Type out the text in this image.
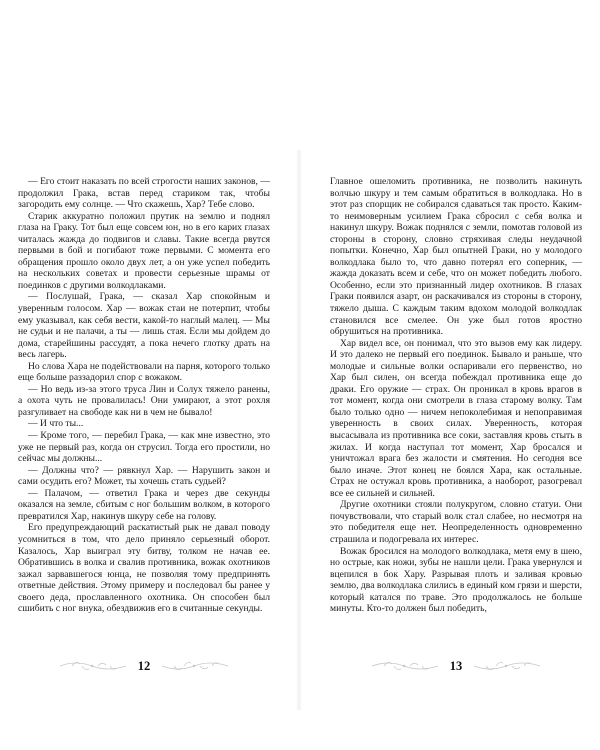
— Его стоит наказать по всей строгости наших законов, — продолжил Грака, встав перед стариком так, чтобы загородить ему солнце. — Что скажешь, Хар? Тебе слово.

Старик аккуратно положил прутик на землю и поднял глаза на Граку. Тот был еще совсем юн, но в его карих глазах читалась жажда до подвигов и славы. Такие всегда рвутся первыми в бой и погибают тоже первыми. С момента его обращения прошло около двух лет, а он уже успел победить на нескольких советах и провести серьезные шрамы от поединков с другими волкодлаками.

— Послушай, Грака, — сказал Хар спокойным и уверенным голосом. Хар — вожак стаи не потерпит, чтобы ему указывал, как себя вести, какой-то наглый малец. — Мы не судьи и не палачи, а ты — лишь стая. Если мы дойдем до дома, старейшины рассудят, а пока нечего глотку драть на весь лагерь.

Но слова Хара не подействовали на парня, которого только еще больше раззадорил спор с вожаком.

— Но ведь из-за этого труса Лин и Солух тяжело ранены, а охота чуть не провалилась! Они умирают, а этот рохля разгуливает на свободе как ни в чем не бывало!

— И что ты...

— Кроме того, — перебил Грака, — как мне известно, это уже не первый раз, когда он струсил. Тогда его простили, но сейчас мы должны...

— Должны что? — рявкнул Хар. — Нарушить закон и сами осудить его? Может, ты хочешь стать судьей?

— Палачом, — ответил Грака и через две секунды оказался на земле, сбитым с ног большим волком, в которого превратился Хар, накинув шкуру себе на голову.

Его предупреждающий раскатистый рык не давал поводу усомниться в том, что дело приняло серьезный оборот. Казалось, Хар выиграл эту битву, толком не начав ее. Обратившись в волка и свалив противника, вожак охотников зажал зарвавшегося юнца, не позволяя тому предпринять ответные действия. Этому примеру и последовал бы ранее у своего деда, прославленного охотника. Он способен был сшибить с ног внука, обездвижив его в считанные секунды.

Главное ошеломить противника, не позволить накинуть волчью шкуру и тем самым обратиться в волкодлака. Но в этот раз спорщик не собирался сдаваться так просто. Каким-то неимоверным усилием Грака сбросил с себя волка и накинул шкуру. Вожак поднялся с земли, помотав головой из стороны в сторону, словно стряхивая следы неудачной попытки. Конечно, Хар был опытней Граки, но у молодого волкодлака было то, что давно потерял его соперник, — жажда доказать всем и себе, что он может победить любого. Особенно, если это признанный лидер охотников. В глазах Граки появился азарт, он раскачивался из стороны в сторону, тяжело дыша. С каждым таким вдохом молодой волкодлак становился все смелее. Он уже был готов яростно обрушиться на противника.

Хар видел все, он понимал, что это вызов ему как лидеру. И это далеко не первый его поединок. Бывало и раньше, что молодые и сильные волки оспаривали его первенство, но Хар был силен, он всегда побеждал противника еще до драки. Его оружие — страх. Он проникал в кровь врагов в тот момент, когда они смотрели в глаза старому волку. Там было только одно — ничем непоколебимая и непоправимая уверенность в своих силах. Уверенность, которая высасывала из противника все соки, заставляя кровь стыть в жилах. И когда наступал тот момент, Хар бросался и уничтожал врага без жалости и смятения. Но сегодня все было иначе. Этот конец не боялся Хара, как остальные. Страх не остужал кровь противника, а наоборот, разогревал все ее сильней и сильней.

Другие охотники стояли полукругом, словно статуи. Они почувствовали, что старый волк стал слабее, но несмотря на это победителя еще нет. Неопределенность одновременно страшила и подогревала их интерес.

Вожак бросился на молодого волкодлака, метя ему в шею, но острые, как ножи, зубы не нашли цели. Грака увернулся и вцепился в бок Хару. Разрывая плоть и заливая кровью землю, два волкодлака слились в единый ком грязи и шерсти, который катался по траве. Это продолжалось не больше минуты. Кто-то должен был победить,

12	13
